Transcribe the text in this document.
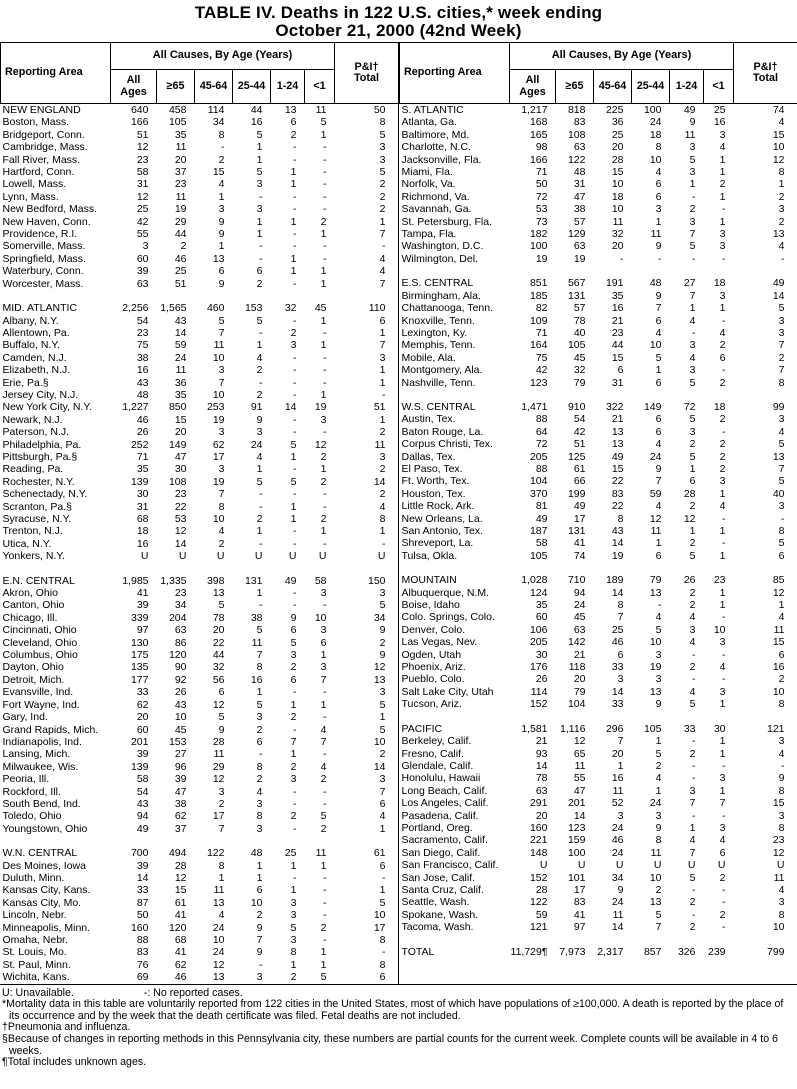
TABLE IV. Deaths in 122 U.S. cities,* week ending
October 21, 2000 (42nd Week)
Reporting Area	All Causes, By Age (Years)						P&I†
Total
	All Ages	≥65	45-64	25-44	1-24	<1	
NEW ENGLAND	640	458	114	44	13	11	50
Boston, Mass.	166	105	34	16	6	5	8
Bridgeport, Conn.	51	35	8	5	2	1	5
Cambridge, Mass.	12	11	-	1	-	-	3
Fall River, Mass.	23	20	2	1	-	-	3
Hartford, Conn.	58	37	15	5	1	-	5
Lowell, Mass.	31	23	4	3	1	-	2
Lynn, Mass.	12	11	1	-	-	-	2
New Bedford, Mass.	25	19	3	3	-	-	2
New Haven, Conn.	42	29	9	1	1	2	1
Providence, R.I.	55	44	9	1	-	1	7
Somerville, Mass.	3	2	1	-	-	-	-
Springfield, Mass.	60	46	13	-	1	-	4
Waterbury, Conn.	39	25	6	6	1	1	4
Worcester, Mass.	63	51	9	2	-	1	7

MID. ATLANTIC	2,256	1,565	460	153	32	45	110
Albany, N.Y.	54	43	5	5	-	1	6
Allentown, Pa.	23	14	7	-	2	-	1
Buffalo, N.Y.	75	59	11	1	3	1	7
Camden, N.J.	38	24	10	4	-	-	3
Elizabeth, N.J.	16	11	3	2	-	-	1
Erie, Pa.§	43	36	7	-	-	-	1
Jersey City, N.J.	48	35	10	2	-	1	-
New York City, N.Y.	1,227	850	253	91	14	19	51
Newark, N.J.	46	15	19	9	-	3	1
Paterson, N.J.	26	20	3	3	-	-	2
Philadelphia, Pa.	252	149	62	24	5	12	11
Pittsburgh, Pa.§	71	47	17	4	1	2	3
Reading, Pa.	35	30	3	1	-	1	2
Rochester, N.Y.	139	108	19	5	5	2	14
Schenectady, N.Y.	30	23	7	-	-	-	2
Scranton, Pa.§	31	22	8	-	1	-	4
Syracuse, N.Y.	68	53	10	2	1	2	8
Trenton, N.J.	18	12	4	1	-	1	1
Utica, N.Y.	16	14	2	-	-	-	-
Yonkers, N.Y.	U	U	U	U	U	U	U

E.N. CENTRAL	1,985	1,335	398	131	49	58	150
Akron, Ohio	41	23	13	1	-	3	3
Canton, Ohio	39	34	5	-	-	-	5
Chicago, Ill.	339	204	78	38	9	10	34
Cincinnati, Ohio	97	63	20	5	6	3	9
Cleveland, Ohio	130	86	22	11	5	6	2
Columbus, Ohio	175	120	44	7	3	1	9
Dayton, Ohio	135	90	32	8	2	3	12
Detroit, Mich.	177	92	56	16	6	7	13
Evansville, Ind.	33	26	6	1	-	-	3
Fort Wayne, Ind.	62	43	12	5	1	1	5
Gary, Ind.	20	10	5	3	2	-	1
Grand Rapids, Mich.	60	45	9	2	-	4	5
Indianapolis, Ind.	201	153	28	6	7	7	10
Lansing, Mich.	39	27	11	-	1	-	2
Milwaukee, Wis.	139	96	29	8	2	4	14
Peoria, Ill.	58	39	12	2	3	2	3
Rockford, Ill.	54	47	3	4	-	-	7
South Bend, Ind.	43	38	2	3	-	-	6
Toledo, Ohio	94	62	17	8	2	5	4
Youngstown, Ohio	49	37	7	3	-	2	1

W.N. CENTRAL	700	494	122	48	25	11	61
Des Moines, Iowa	39	28	8	1	1	1	6
Duluth, Minn.	14	12	1	1	-	-	-
Kansas City, Kans.	33	15	11	6	1	-	1
Kansas City, Mo.	87	61	13	10	3	-	5
Lincoln, Nebr.	50	41	4	2	3	-	10
Minneapolis, Minn.	160	120	24	9	5	2	17
Omaha, Nebr.	88	68	10	7	3	-	8
St. Louis, Mo.	83	41	24	9	8	1	-
St. Paul, Minn.	76	62	12	-	1	1	8
Wichita, Kans.	69	46	13	3	2	5	6
Reporting Area	All Causes, By Age (Years)						P&I†
Total
	All Ages	≥65	45-64	25-44	1-24	<1	
S. ATLANTIC	1,217	818	225	100	49	25	74
Atlanta, Ga.	168	83	36	24	9	16	4
Baltimore, Md.	165	108	25	18	11	3	15
Charlotte, N.C.	98	63	20	8	3	4	10
Jacksonville, Fla.	166	122	28	10	5	1	12
Miami, Fla.	71	48	15	4	3	1	8
Norfolk, Va.	50	31	10	6	1	2	1
Richmond, Va.	72	47	18	6	-	1	2
Savannah, Ga.	53	38	10	3	2	-	3
St. Petersburg, Fla.	73	57	11	1	3	1	2
Tampa, Fla.	182	129	32	11	7	3	13
Washington, D.C.	100	63	20	9	5	3	4
Wilmington, Del.	19	19	-	-	-	-	-

E.S. CENTRAL	851	567	191	48	27	18	49
Birmingham, Ala.	185	131	35	9	7	3	14
Chattanooga, Tenn.	82	57	16	7	1	1	5
Knoxville, Tenn.	109	78	21	6	4	-	3
Lexington, Ky.	71	40	23	4	-	4	3
Memphis, Tenn.	164	105	44	10	3	2	7
Mobile, Ala.	75	45	15	5	4	6	2
Montgomery, Ala.	42	32	6	1	3	-	7
Nashville, Tenn.	123	79	31	6	5	2	8

W.S. CENTRAL	1,471	910	322	149	72	18	99
Austin, Tex.	88	54	21	6	5	2	3
Baton Rouge, La.	64	42	13	6	3	-	4
Corpus Christi, Tex.	72	51	13	4	2	2	5
Dallas, Tex.	205	125	49	24	5	2	13
El Paso, Tex.	88	61	15	9	1	2	7
Ft. Worth, Tex.	104	66	22	7	6	3	5
Houston, Tex.	370	199	83	59	28	1	40
Little Rock, Ark.	81	49	22	4	2	4	3
New Orleans, La.	49	17	8	12	12	-	-
San Antonio, Tex.	187	131	43	11	1	1	8
Shreveport, La.	58	41	14	1	2	-	5
Tulsa, Okla.	105	74	19	6	5	1	6

MOUNTAIN	1,028	710	189	79	26	23	85
Albuquerque, N.M.	124	94	14	13	2	1	12
Boise, Idaho	35	24	8	-	2	1	1
Colo. Springs, Colo.	60	45	7	4	4	-	4
Denver, Colo.	106	63	25	5	3	10	11
Las Vegas, Nev.	205	142	46	10	4	3	15
Ogden, Utah	30	21	6	3	-	-	6
Phoenix, Ariz.	176	118	33	19	2	4	16
Pueblo, Colo.	26	20	3	3	-	-	2
Salt Lake City, Utah	114	79	14	13	4	3	10
Tucson, Ariz.	152	104	33	9	5	1	8

PACIFIC	1,581	1,116	296	105	33	30	121
Berkeley, Calif.	21	12	7	1	-	1	3
Fresno, Calif.	93	65	20	5	2	1	4
Glendale, Calif.	14	11	1	2	-	-	-
Honolulu, Hawaii	78	55	16	4	-	3	9
Long Beach, Calif.	63	47	11	1	3	1	8
Los Angeles, Calif.	291	201	52	24	7	7	15
Pasadena, Calif.	20	14	3	3	-	-	3
Portland, Oreg.	160	123	24	9	1	3	8
Sacramento, Calif.	221	159	46	8	4	4	23
San Diego, Calif.	148	100	24	11	7	6	12
San Francisco, Calif.	U	U	U	U	U	U	U
San Jose, Calif.	152	101	34	10	5	2	11
Santa Cruz, Calif.	28	17	9	2	-	-	4
Seattle, Wash.	122	83	24	13	2	-	3
Spokane, Wash.	59	41	11	5	-	2	8
Tacoma, Wash.	121	97	14	7	2	-	10

TOTAL	11,729¶	7,973	2,317	857	326	239	799
U: Unavailable.	-: No reported cases.
*Mortality data in this table are voluntarily reported from 122 cities in the United States, most of which have populations of ≥100,000. A death is reported by the place of its occurrence and by the week that the death certificate was filed. Fetal deaths are not included.
†Pneumonia and influenza.
§Because of changes in reporting methods in this Pennsylvania city, these numbers are partial counts for the current week. Complete counts will be available in 4 to 6 weeks.
¶Total includes unknown ages.
